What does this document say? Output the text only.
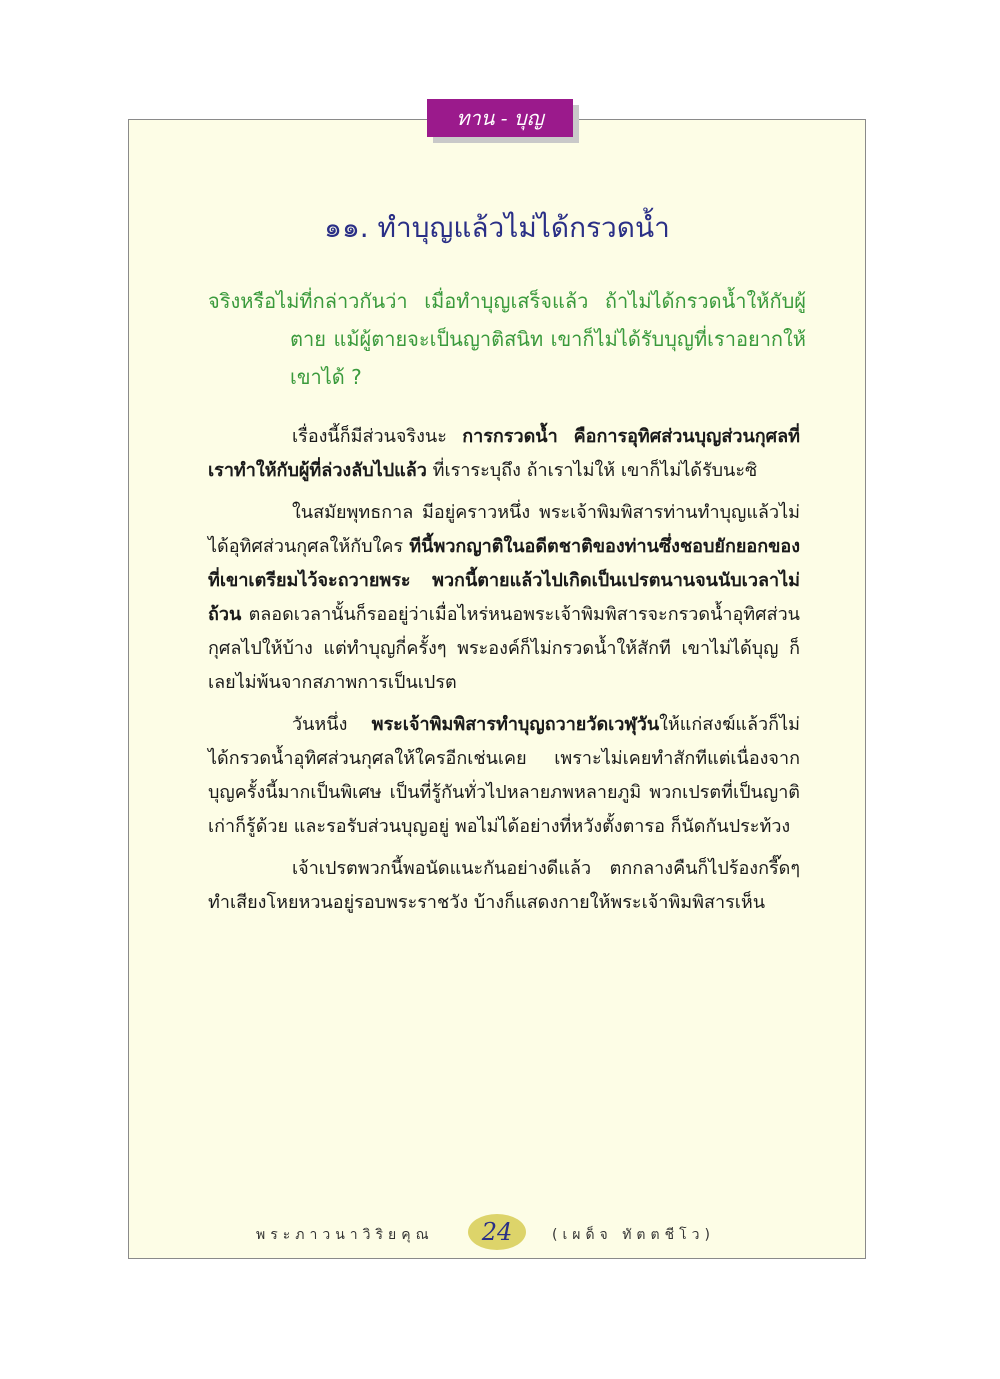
ทาน - บุญ
๑๑. ทำบุญแล้วไม่ได้กรวดน้ำ

จริงหรือไม่ที่กล่าวกันว่า เมื่อทำบุญเสร็จแล้ว ถ้าไม่ได้กรวดน้ำให้กับผู้ตาย แม้ผู้ตายจะเป็นญาติสนิท เขาก็ไม่ได้รับบุญที่เราอยากให้เขาได้ ?

เรื่องนี้ก็มีส่วนจริงนะ การกรวดน้ำ คือการอุทิศส่วนบุญส่วนกุศลที่เราทำให้กับผู้ที่ล่วงลับไปแล้ว ที่เราระบุถึง ถ้าเราไม่ให้ เขาก็ไม่ได้รับนะซิ

ในสมัยพุทธกาล มีอยู่คราวหนึ่ง พระเจ้าพิมพิสารท่านทำบุญแล้วไม่ได้อุทิศส่วนกุศลให้กับใคร ทีนี้พวกญาติในอดีตชาติของท่านซึ่งชอบยักยอกของที่เขาเตรียมไว้จะถวายพระ พวกนี้ตายแล้วไปเกิดเป็นเปรตนานจนนับเวลาไม่ถ้วน ตลอดเวลานั้นก็รออยู่ว่าเมื่อไหร่หนอพระเจ้าพิมพิสารจะกรวดน้ำอุทิศส่วนกุศลไปให้บ้าง แต่ทำบุญกี่ครั้งๆ พระองค์ก็ไม่กรวดน้ำให้สักที เขาไม่ได้บุญ ก็เลยไม่พ้นจากสภาพการเป็นเปรต

วันหนึ่ง พระเจ้าพิมพิสารทำบุญถวายวัดเวฬุวันให้แก่สงฆ์แล้วก็ไม่ได้กรวดน้ำอุทิศส่วนกุศลให้ใครอีกเช่นเคย เพราะไม่เคยทำสักทีแต่เนื่องจากบุญครั้งนี้มากเป็นพิเศษ เป็นที่รู้กันทั่วไปหลายภพหลายภูมิ พวกเปรตที่เป็นญาติเก่าก็รู้ด้วย และรอรับส่วนบุญอยู่ พอไม่ได้อย่างที่หวังตั้งตารอ ก็นัดกันประท้วง

เจ้าเปรตพวกนี้พอนัดแนะกันอย่างดีแล้ว ตกกลางคืนก็ไปร้องกรี๊ดๆ ทำเสียงโหยหวนอยู่รอบพระราชวัง บ้างก็แสดงกายให้พระเจ้าพิมพิสารเห็น

พระภาวนาวิริยคุณ	24	(เผด็จ ทัตตชีโว)
